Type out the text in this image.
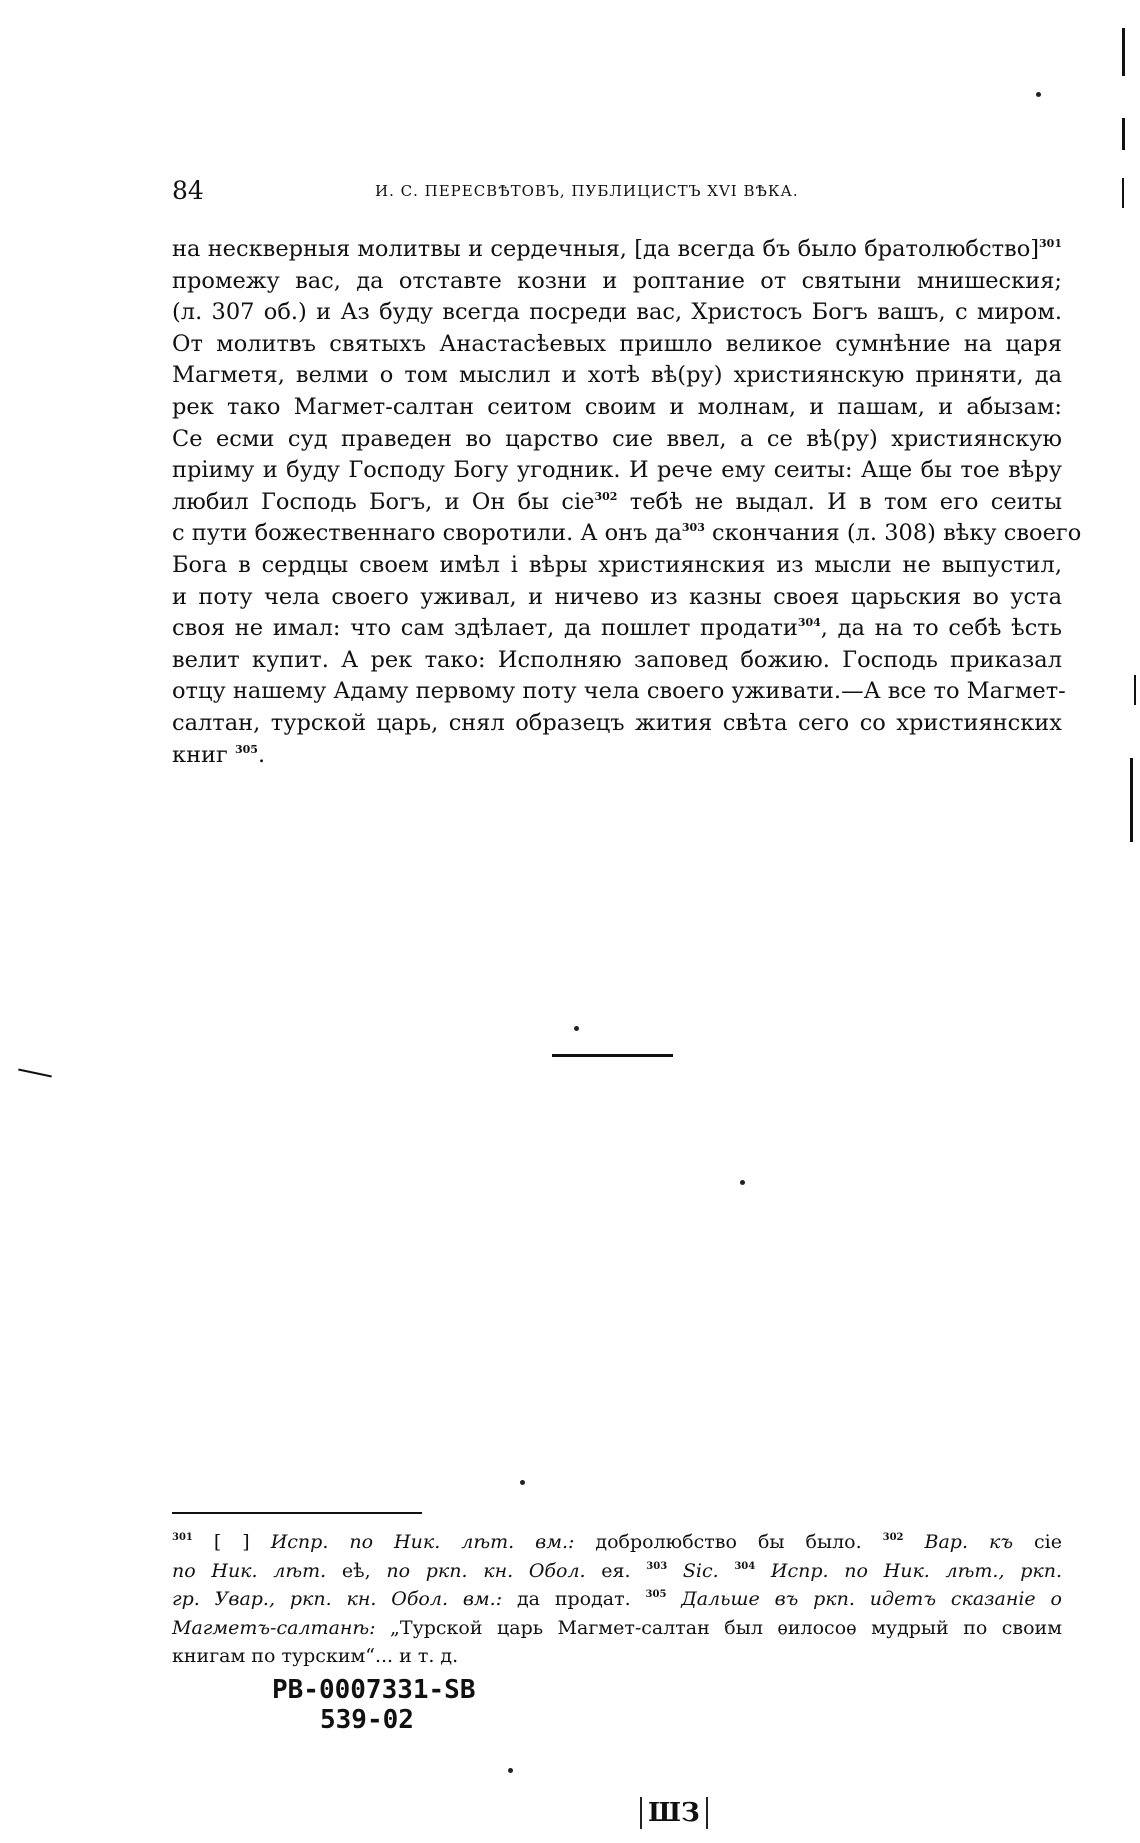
84	И. С. ПЕРЕСВѢТОВЪ, ПУБЛИЦИСТЪ XVI ВѢКА.
на нескверныя молитвы и сердечныя, [да всегда бъ было братолюбство]$^{301}$
промежу вас, да отставте козни и роптание от святыни мнишеския;
(л. 307 об.) и Аз буду всегда посреди вас, Христосъ Богъ вашъ, с миром.
От молитвъ святыхъ Анастасѣевых пришло великое сумнѣние на царя
Магметя, велми о том мыслил и хотѣ вѣ(ру) християнскую приняти, да
рек тако Магмет-салтан сеитом своим и молнам, и пашам, и абызам:
Се есми суд праведен во царство сие ввел, а се вѣ(ру) християнскую
пріиму и буду Господу Богу угодник. И рече ему сеиты: Аще бы тое вѣру
любил Господь Богъ, и Он бы сіе$^{302}$ тебѣ не выдал. И в том его сеиты
с пути божественнаго своротили. А онъ $да^{303}$ скончания (л. 308) вѣку своего
Бога в сердцы своем имѣл і вѣры християнския из мысли не выпустил,
и поту чела своего уживал, и ничево из казны своея царьския во уста
своя не имал: что сам здѣлает, да пошлет продати$^{304}$, да на то себѣ ѣсть
велит купит. А рек тако: Исполняю заповед божию. Господь приказал
отцу нашему Адаму первому поту чела своего уживати.—А все то Магмет-
салтан, турской царь, снял образецъ жития свѣта сего со християнских
книг $^{305}$.
$^{301}$ [ ] Испр. по Ник. лѣт. вм.: добролюбство бы было. $^{302}$ Вар. къ сіе
по Ник. лѣт. еѣ, по ркп. кн. Обол. ея. $^{303}$ Sic. $^{304}$ Испр. по Ник. лѣт., ркп.
гр. Увар., ркп. кн. Обол. вм.: да продат. $^{305}$ Дальше въ ркп. идетъ сказаніе о
Магметъ-салтанѣ: „Турской царь Магмет-салтан был ѳилосоѳ мудрый по своим
книгам по турским“... и т. д.
PB-0007331-SB
539-02
ШЗ
